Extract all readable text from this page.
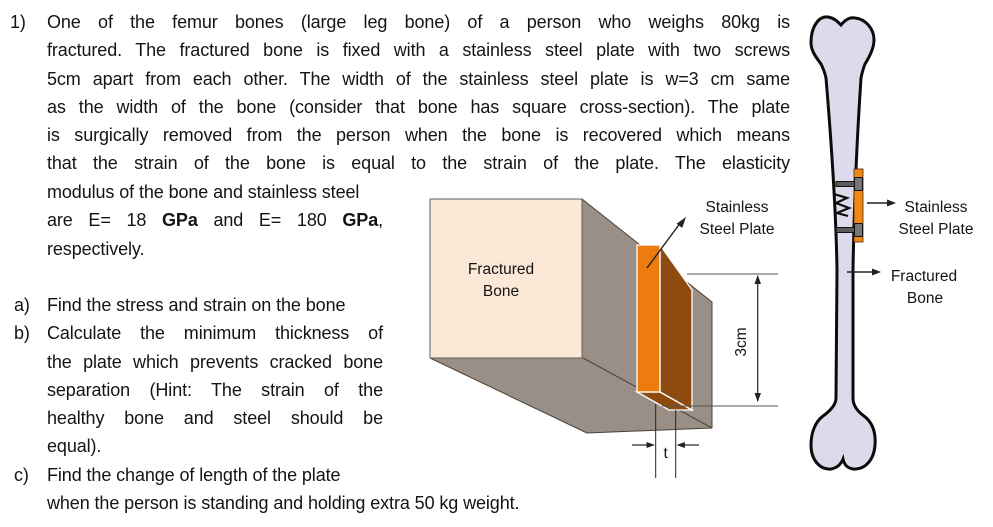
1)	One of the femur bones (large leg bone) of a person who weighs 80kg is
fractured. The fractured bone is fixed with a stainless steel plate with two screws
5cm apart from each other. The width of the stainless steel plate is w=3 cm same
as the width of the bone (consider that bone has square cross-section). The plate
is surgically removed from the person when the bone is recovered which means
that the strain of the bone is equal to the strain of the plate. The elasticity
modulus of the bone and stainless steel
are E= 18 GPa and E= 180 GPa,
respectively.
a) Find the stress and strain on the bone
b) Calculate the minimum thickness of
the plate which prevents cracked bone
separation (Hint: The strain of the
healthy bone and steel should be
equal).
c)	Find the change of length of the plate
when the person is standing and holding extra 50 kg weight.
Fractured
Bone
Stainless
Steel Plate
3cm
t
Stainless
Steel Plate
Fractured
Bone
